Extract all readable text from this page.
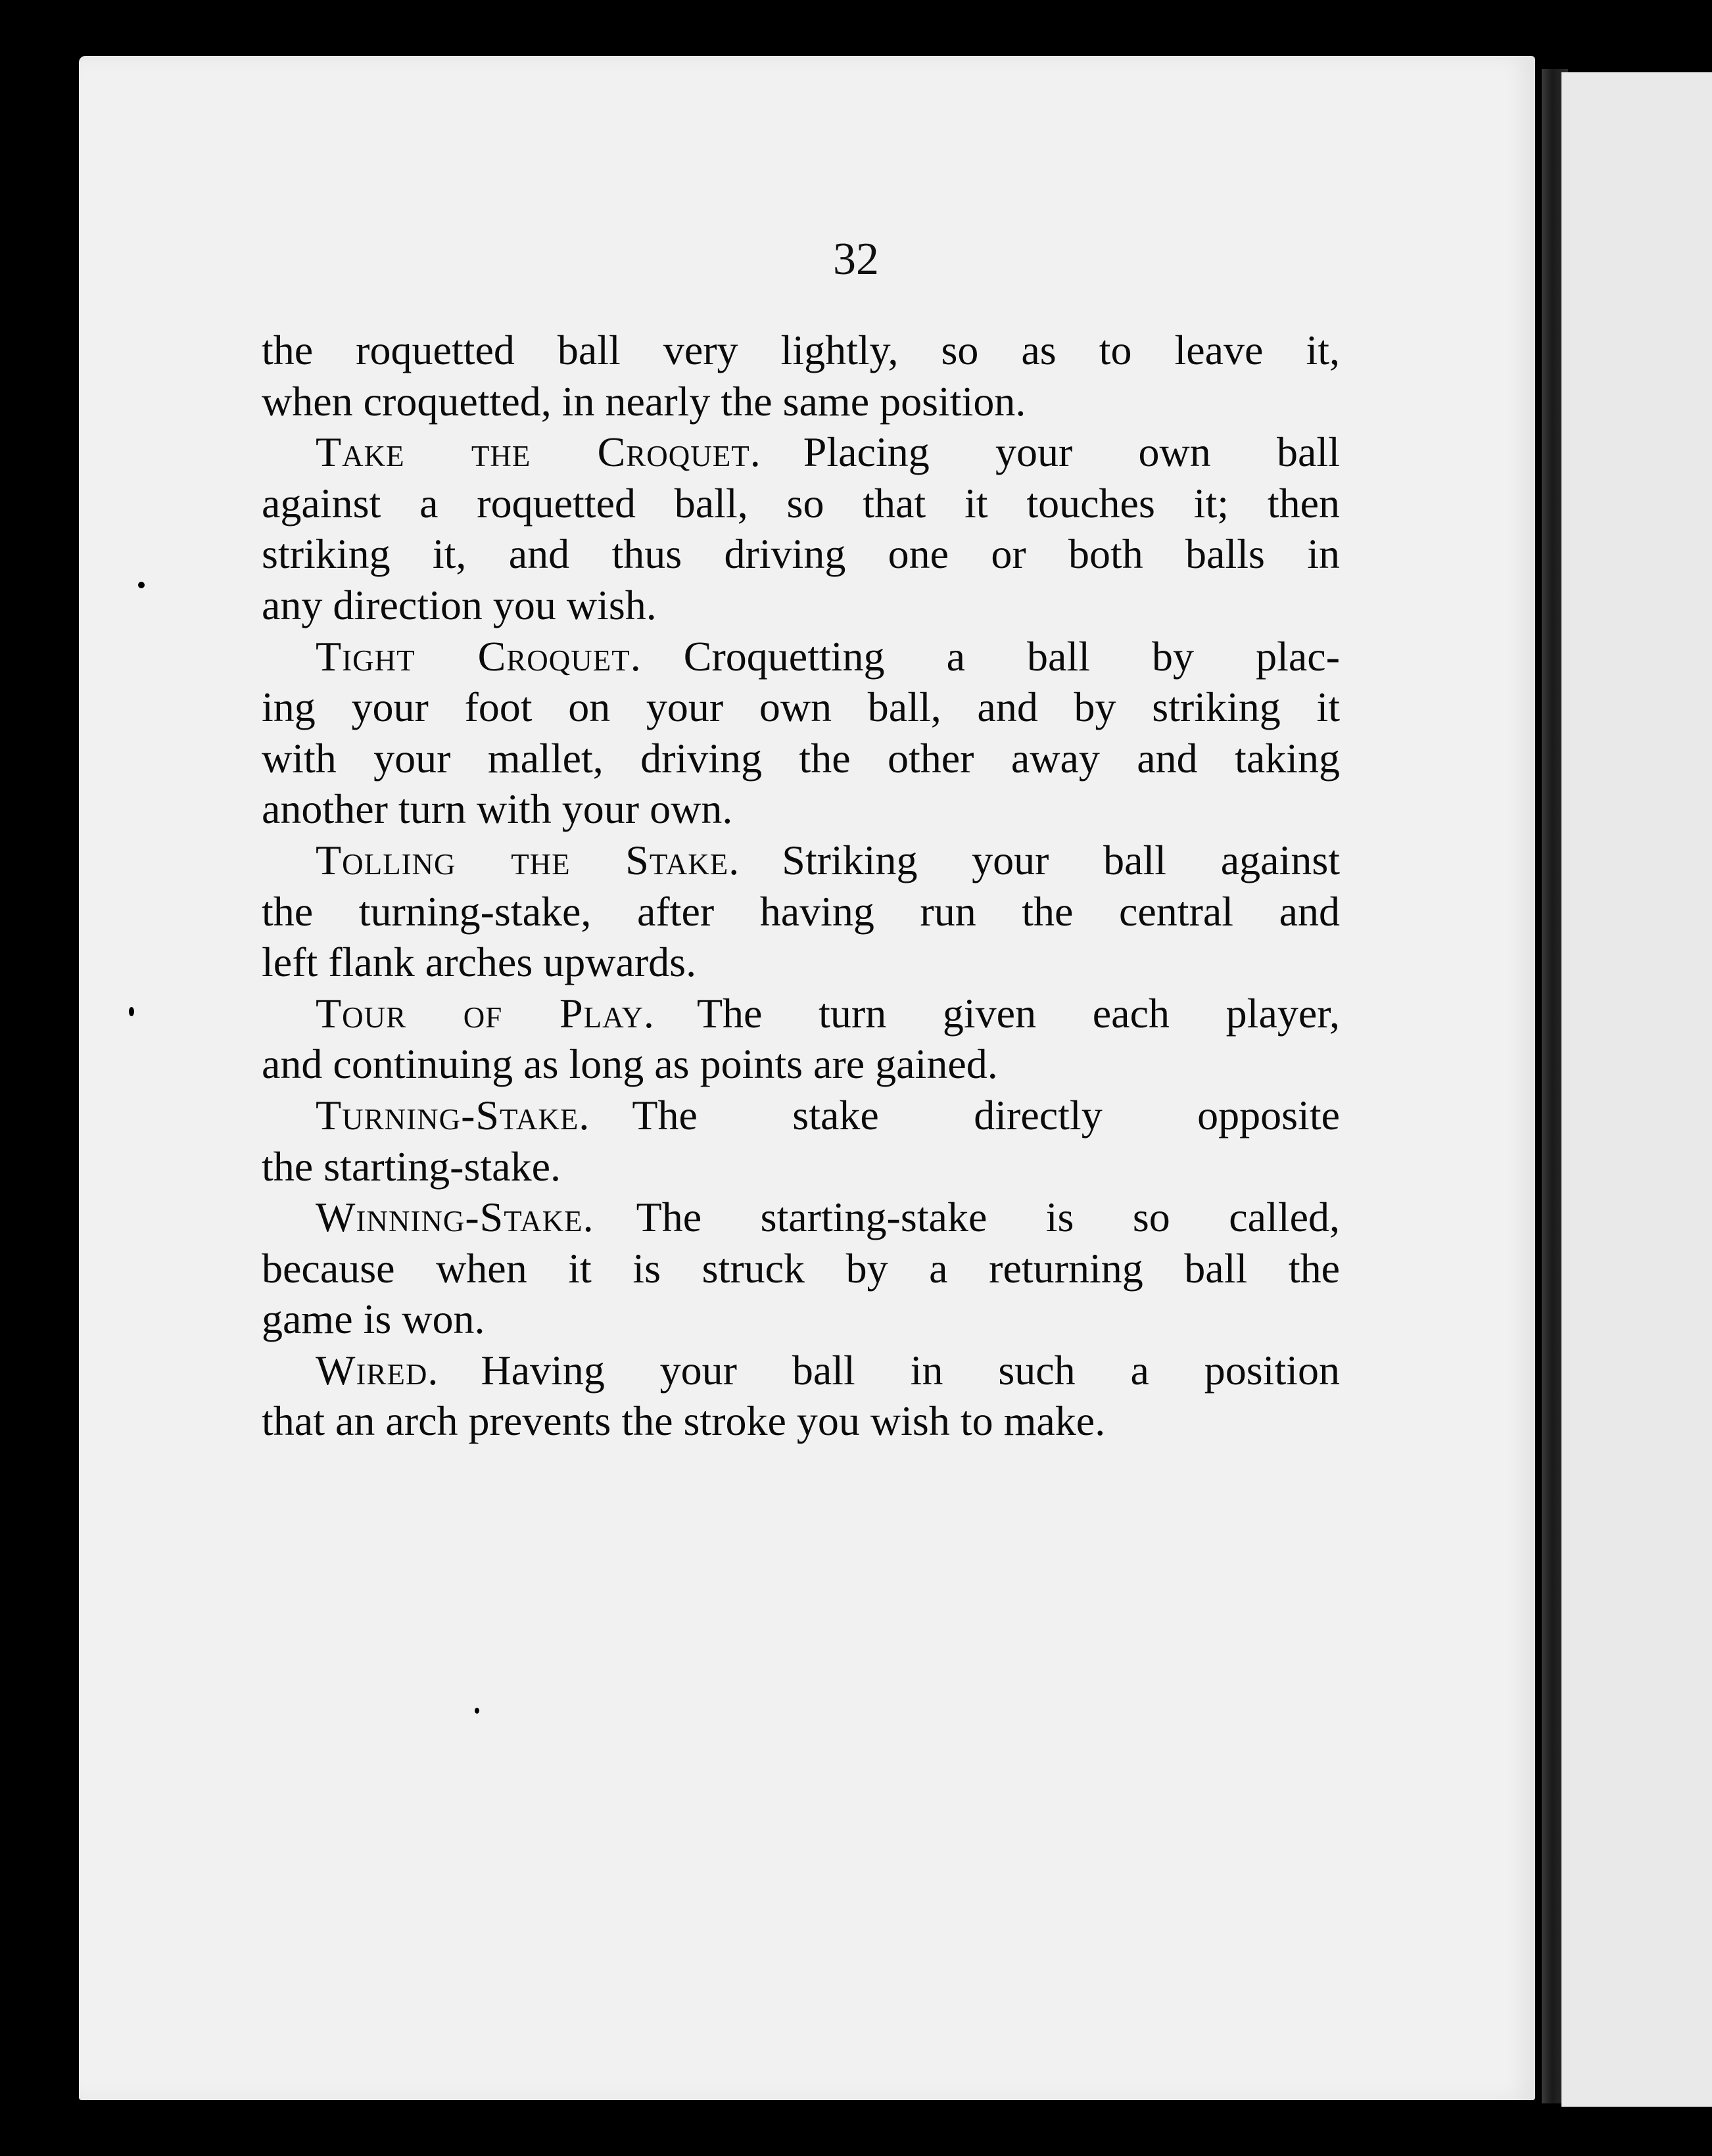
32
the roquetted ball very lightly, so as to leave it,
when croquetted, in nearly the same position.
Take the Croquet.  Placing your own ball
against a roquetted ball, so that it touches it; then
striking it, and thus driving one or both balls in
any direction you wish.
Tight Croquet.  Croquetting a ball by plac-
ing your foot on your own ball, and by striking it
with your mallet, driving the other away and taking
another turn with your own.
Tolling the Stake.  Striking your ball against
the turning-stake, after having run the central and
left flank arches upwards.
Tour of Play.  The turn given each player,
and continuing as long as points are gained.
Turning-Stake.  The stake directly opposite
the starting-stake.
Winning-Stake.  The starting-stake is so called,
because when it is struck by a returning ball the
game is won.
Wired.  Having your ball in such a position
that an arch prevents the stroke you wish to make.
